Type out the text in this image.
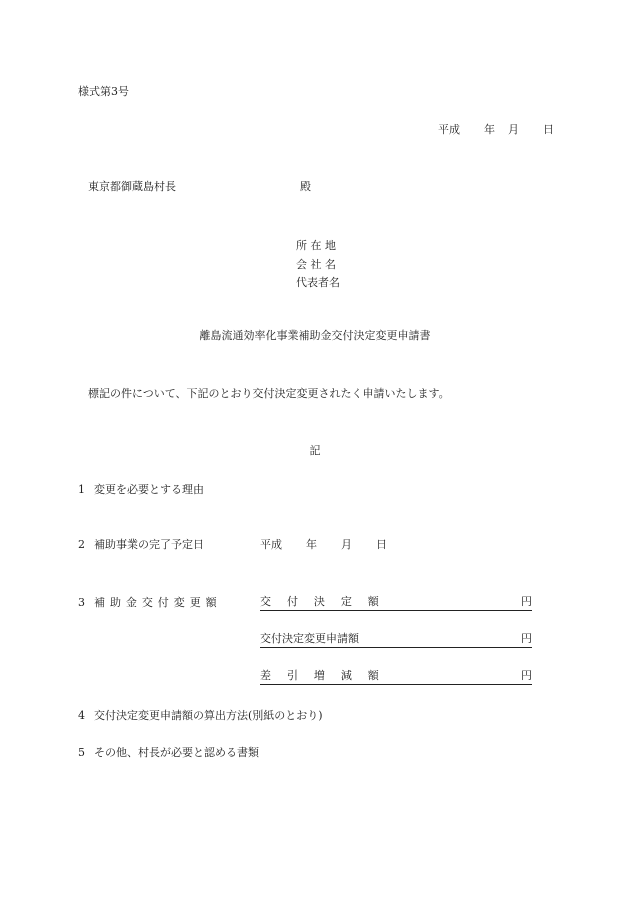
様式第3号
平成 年 月 日
東京都御蔵島村長	殿
所 在 地
会 社 名
代表者名
離島流通効率化事業補助金交付決定変更申請書
標記の件について、下記のとおり交付決定変更されたく申請いたします。
記
1 変更を必要とする理由
2 補助事業の完了予定日	平成 年 月 日
3 補助金交付変更額	交付決定額	円
交付決定変更申請額	円
差引増減額	円
4 交付決定変更申請額の算出方法(別紙のとおり)
5 その他、村長が必要と認める書類
